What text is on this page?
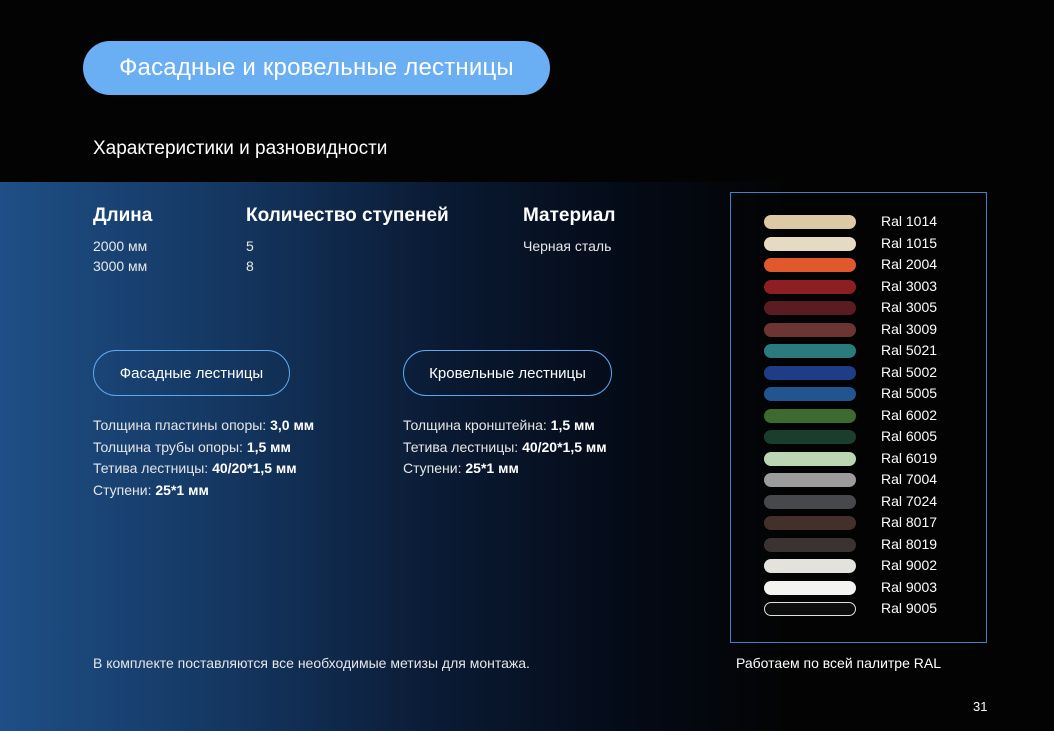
Фасадные и кровельные лестницы
Характеристики и разновидности
Длина
2000 мм
3000 мм
Количество ступеней
5
8
Материал
Черная сталь
Фасадные лестницы	Кровельные лестницы
Толщина пластины опоры: 3,0 мм
Толщина трубы опоры: 1,5 мм
Тетива лестницы: 40/20*1,5 мм
Ступени: 25*1 мм
Толщина кронштейна: 1,5 мм
Тетива лестницы: 40/20*1,5 мм
Ступени: 25*1 мм
В комплекте поставляются все необходимые метизы для монтажа.
Ral 1014
Ral 1015
Ral 2004
Ral 3003
Ral 3005
Ral 3009
Ral 5021
Ral 5002
Ral 5005
Ral 6002
Ral 6005
Ral 6019
Ral 7004
Ral 7024
Ral 8017
Ral 8019
Ral 9002
Ral 9003
Ral 9005
Работаем по всей палитре RAL
31
